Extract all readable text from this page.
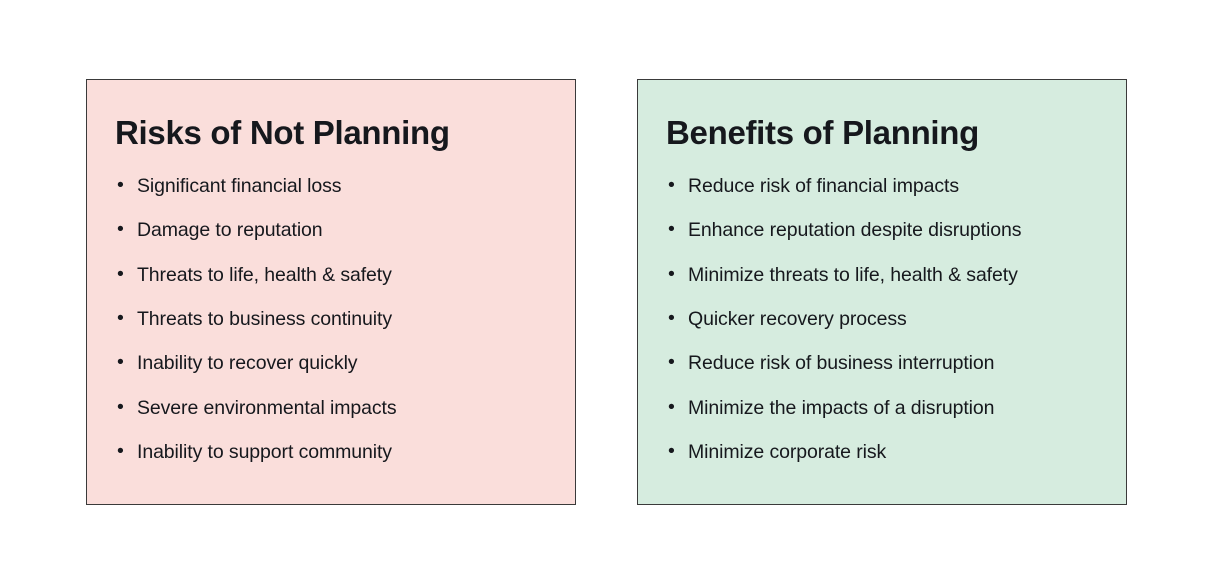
Risks of Not Planning
• Significant financial loss
• Damage to reputation
• Threats to life, health & safety
• Threats to business continuity
• Inability to recover quickly
• Severe environmental impacts
• Inability to support community
Benefits of Planning
• Reduce risk of financial impacts
• Enhance reputation despite disruptions
• Minimize threats to life, health & safety
• Quicker recovery process
• Reduce risk of business interruption
• Minimize the impacts of a disruption
• Minimize corporate risk
